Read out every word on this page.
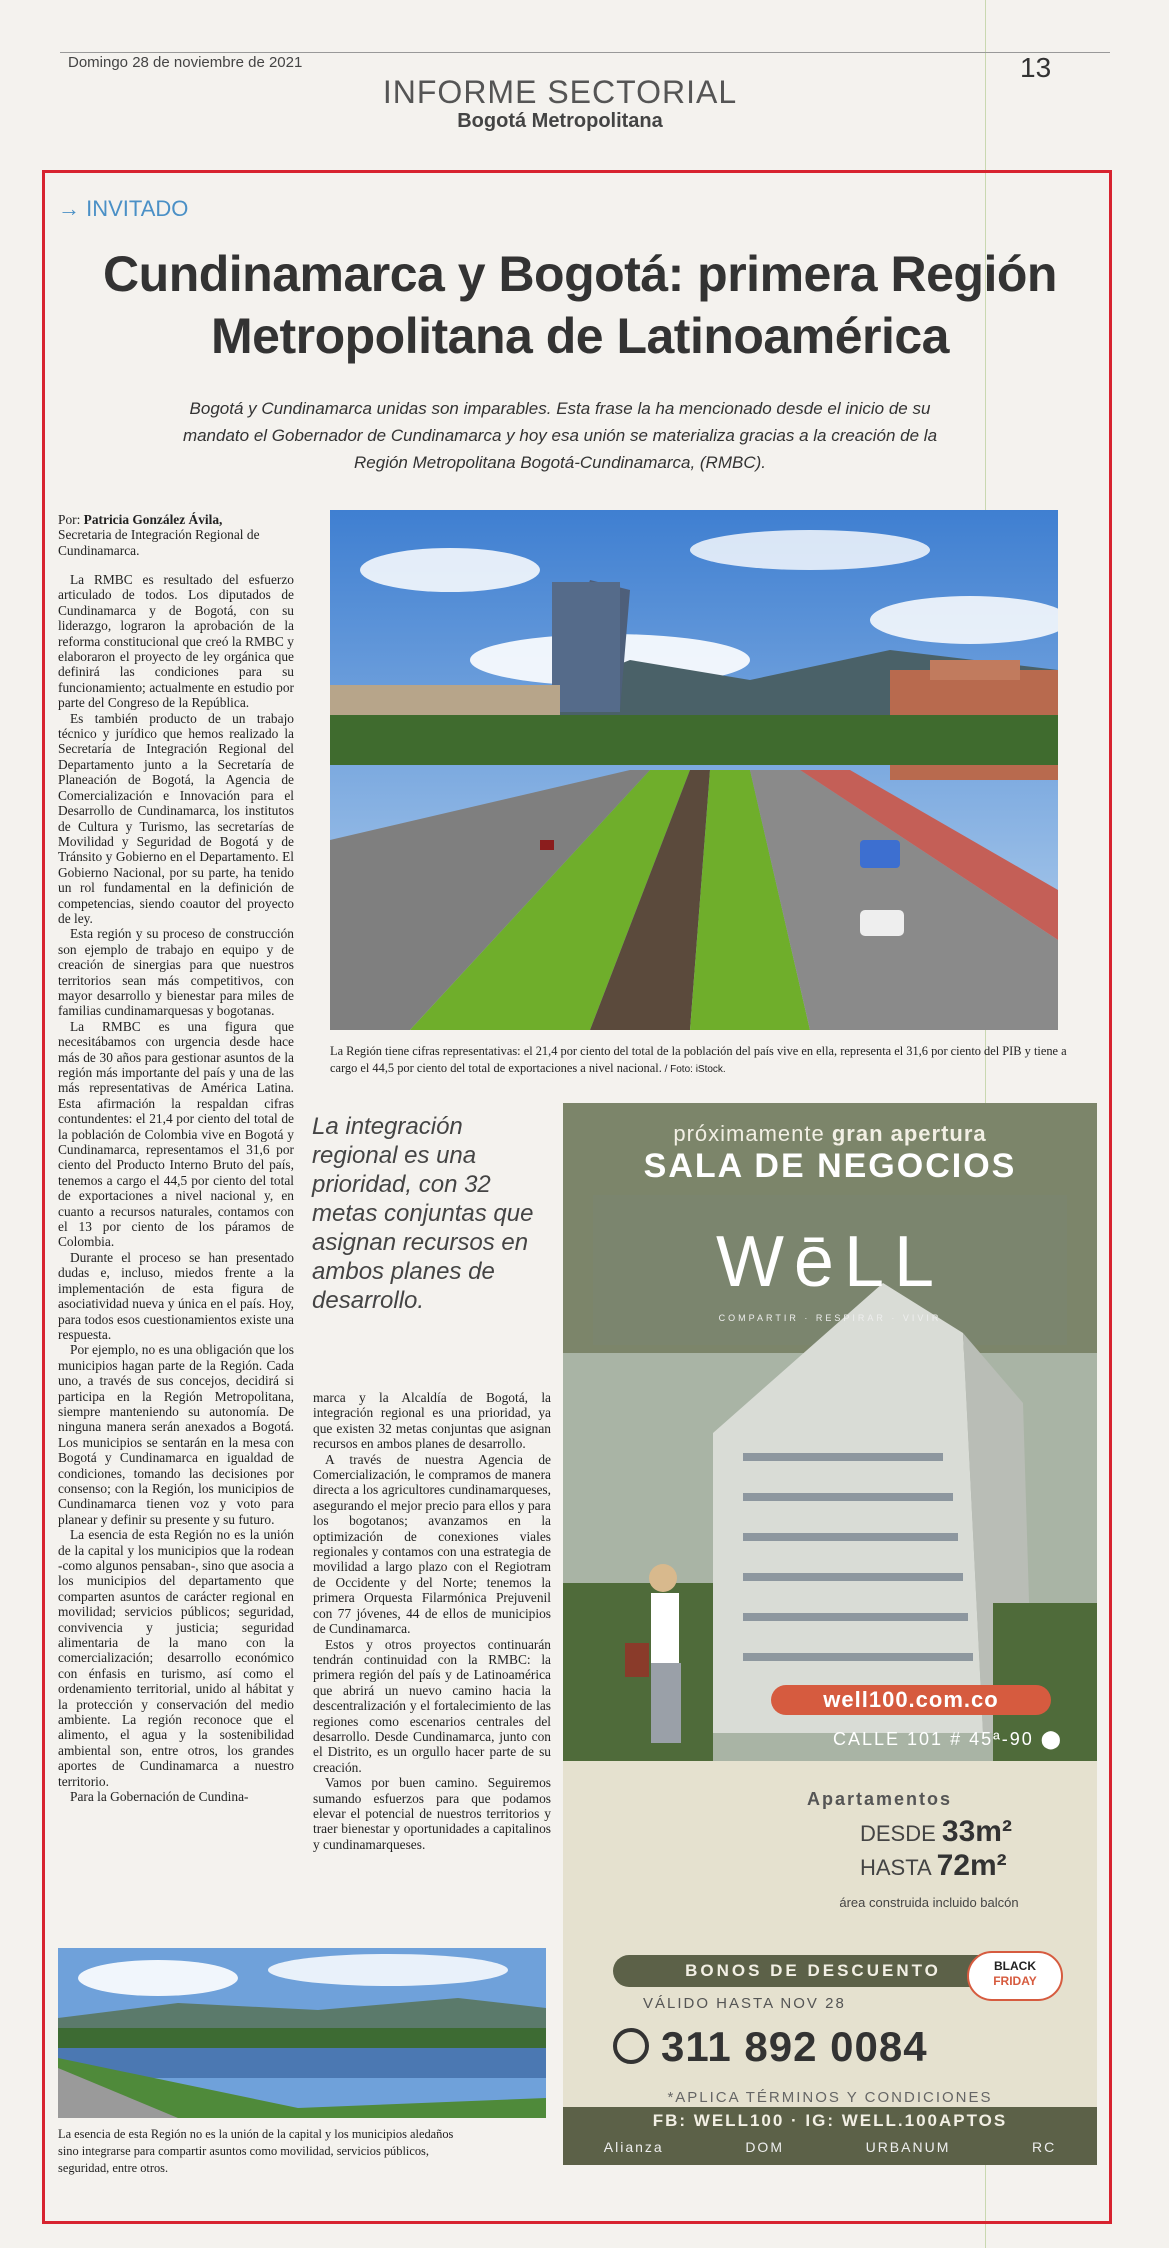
Domingo 28 de noviembre de 2021	13
INFORME SECTORIAL
Bogotá Metropolitana
→ INVITADO
Cundinamarca y Bogotá: primera Región Metropolitana de Latinoamérica
Bogotá y Cundinamarca unidas son imparables. Esta frase la ha mencionado desde el inicio de su mandato el Gobernador de Cundinamarca y hoy esa unión se materializa gracias a la creación de la Región Metropolitana Bogotá-Cundinamarca, (RMBC).
Por: Patricia González Ávila,
Secretaria de Integración Regional de Cundinamarca.

La RMBC es resultado del esfuerzo articulado de todos. Los diputados de Cundinamarca y de Bogotá, con su liderazgo, lograron la aprobación de la reforma constitucional que creó la RMBC y elaboraron el proyecto de ley orgánica que definirá las condiciones para su funcionamiento; actualmente en estudio por parte del Congreso de la República.

Es también producto de un trabajo técnico y jurídico que hemos realizado la Secretaría de Integración Regional del Departamento junto a la Secretaría de Planeación de Bogotá, la Agencia de Comercialización e Innovación para el Desarrollo de Cundinamarca, los institutos de Cultura y Turismo, las secretarías de Movilidad y Seguridad de Bogotá y de Tránsito y Gobierno en el Departamento. El Gobierno Nacional, por su parte, ha tenido un rol fundamental en la definición de competencias, siendo coautor del proyecto de ley.

Esta región y su proceso de construcción son ejemplo de trabajo en equipo y de creación de sinergias para que nuestros territorios sean más competitivos, con mayor desarrollo y bienestar para miles de familias cundinamarquesas y bogotanas.

La RMBC es una figura que necesitábamos con urgencia desde hace más de 30 años para gestionar asuntos de la región más importante del país y una de las más representativas de América Latina. Esta afirmación la respaldan cifras contundentes: el 21,4 por ciento del total de la población de Colombia vive en Bogotá y Cundinamarca, representamos el 31,6 por ciento del Producto Interno Bruto del país, tenemos a cargo el 44,5 por ciento del total de exportaciones a nivel nacional y, en cuanto a recursos naturales, contamos con el 13 por ciento de los páramos de Colombia.

Durante el proceso se han presentado dudas e, incluso, miedos frente a la implementación de esta figura de asociatividad nueva y única en el país. Hoy, para todos esos cuestionamientos existe una respuesta.

Por ejemplo, no es una obligación que los municipios hagan parte de la Región. Cada uno, a través de sus concejos, decidirá si participa en la Región Metropolitana, siempre manteniendo su autonomía. De ninguna manera serán anexados a Bogotá. Los municipios se sentarán en la mesa con Bogotá y Cundinamarca en igualdad de condiciones, tomando las decisiones por consenso; con la Región, los municipios de Cundinamarca tienen voz y voto para planear y definir su presente y su futuro.

La esencia de esta Región no es la unión de la capital y los municipios que la rodean -como algunos pensaban-, sino que asocia a los municipios del departamento que comparten asuntos de carácter regional en movilidad; servicios públicos; seguridad, convivencia y justicia; seguridad alimentaria de la mano con la comercialización; desarrollo económico con énfasis en turismo, así como el ordenamiento territorial, unido al hábitat y la protección y conservación del medio ambiente. La región reconoce que el alimento, el agua y la sostenibilidad ambiental son, entre otros, los grandes aportes de Cundinamarca a nuestro territorio.

Para la Gobernación de Cundina-

La Región tiene cifras representativas: el 21,4 por ciento del total de la población del país vive en ella, representa el 31,6 por ciento del PIB y tiene a cargo el 44,5 por ciento del total de exportaciones a nivel nacional. / Foto: iStock.
La integración regional es una prioridad, con 32 metas conjuntas que asignan recursos en ambos planes de desarrollo.

marca y la Alcaldía de Bogotá, la integración regional es una prioridad, ya que existen 32 metas conjuntas que asignan recursos en ambos planes de desarrollo.

A través de nuestra Agencia de Comercialización, le compramos de manera directa a los agricultores cundinamarqueses, asegurando el mejor precio para ellos y para los bogotanos; avanzamos en la optimización de conexiones viales regionales y contamos con una estrategia de movilidad a largo plazo con el Regiotram de Occidente y del Norte; tenemos la primera Orquesta Filarmónica Prejuvenil con 77 jóvenes, 44 de ellos de municipios de Cundinamarca.

Estos y otros proyectos continuarán tendrán continuidad con la RMBC: la primera región del país y de Latinoamérica que abrirá un nuevo camino hacia la descentralización y el fortalecimiento de las regiones como escenarios centrales del desarrollo. Desde Cundinamarca, junto con el Distrito, es un orgullo hacer parte de su creación.

Vamos por buen camino. Seguiremos sumando esfuerzos para que podamos elevar el potencial de nuestros territorios y traer bienestar y oportunidades a capitalinos y cundinamarqueses.

La esencia de esta Región no es la unión de la capital y los municipios aledaños sino integrarse para compartir asuntos como movilidad, servicios públicos, seguridad, entre otros.
próximamente gran apertura
SALA DE NEGOCIOS
WēLL
COMPARTIR · RESPIRAR · VIVIR
well100.com.co
CALLE 101 # 45ª-90 ⬤
Apartamentos
DESDE 33m²
HASTA 72m²
área construida incluido balcón
BONOS DE DESCUENTO	BLACK
FRIDAY
VÁLIDO HASTA NOV 28
311 892 0084
*APLICA TÉRMINOS Y CONDICIONES
FB: WELL100 · IG: WELL.100APTOS
Alianza	DOM	URBANUM	RC
